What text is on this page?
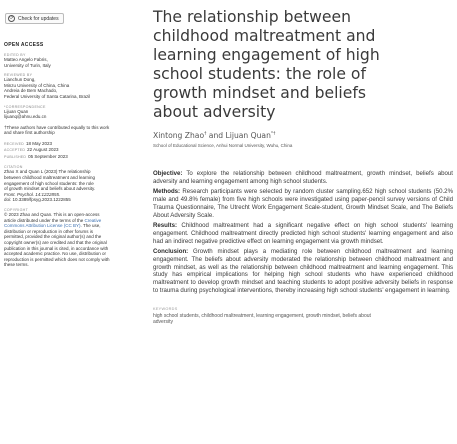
⟳ Check for updates
OPEN ACCESS
EDITED BY
Matteo Angelo Fabris,
University of Turin, Italy
REVIEWED BY
Lianchun Dong,
Minzu University of China, China
Andreia de Bem Machado,
Federal University of Santa Catarina, Brazil
*CORRESPONDENCE
Lijuan Quan
lijuanq@ahnu.edu.cn
†These authors have contributed equally to this work and share first authorship
RECEIVED 18 May 2023
ACCEPTED 22 August 2023
PUBLISHED 05 September 2023
CITATION
Zhao X and Quan L (2023) The relationship
between childhood maltreatment and learning
engagement of high school students: the role
of growth mindset and beliefs about adversity.
Front. Psychol. 14:1222855.
doi: 10.3389/fpsyg.2023.1222855
COPYRIGHT
© 2023 Zhao and Quan. This is an open-access article distributed under the terms of the Creative Commons Attribution License (CC BY). The use, distribution or reproduction in other forums is permitted, provided the original author(s) and the copyright owner(s) are credited and that the original publication in this journal is cited, in accordance with accepted academic practice. No use, distribution or reproduction is permitted which does not comply with these terms.
The relationship between childhood maltreatment and learning engagement of high school students: the role of growth mindset and beliefs about adversity
Xintong Zhao† and Lijuan Quan*†
School of Educational Science, Anhui Normal University, Wuhu, China

Objective: To explore the relationship between childhood maltreatment, growth mindset, beliefs about adversity and learning engagement among high school students.

Methods: Research participants were selected by random cluster sampling.652 high school students (50.2% male and 49.8% female) from five high schools were investigated using paper-pencil survey versions of Child Trauma Questionnaire, The Utrecht Work Engagement Scale-student, Growth Mindset Scale, and The Beliefs About Adversity Scale.

Results: Childhood maltreatment had a significant negative effect on high school students' learning engagement. Childhood maltreatment directly predicted high school students' learning engagement and also had an indirect negative predictive effect on learning engagement via growth mindset.

Conclusion: Growth mindset plays a mediating role between childhood maltreatment and learning engagement. The beliefs about adversity moderated the relationship between childhood maltreatment and growth mindset, as well as the relationship between childhood maltreatment and learning engagement. This study has empirical implications for helping high school students who have experienced childhood maltreatment to develop growth mindset and teaching students to adopt positive adversity beliefs in response to trauma during psychological interventions, thereby increasing high school students' engagement in learning.

KEYWORDS
high school students, childhood maltreatment, learning engagement, growth mindset, beliefs about adversity
